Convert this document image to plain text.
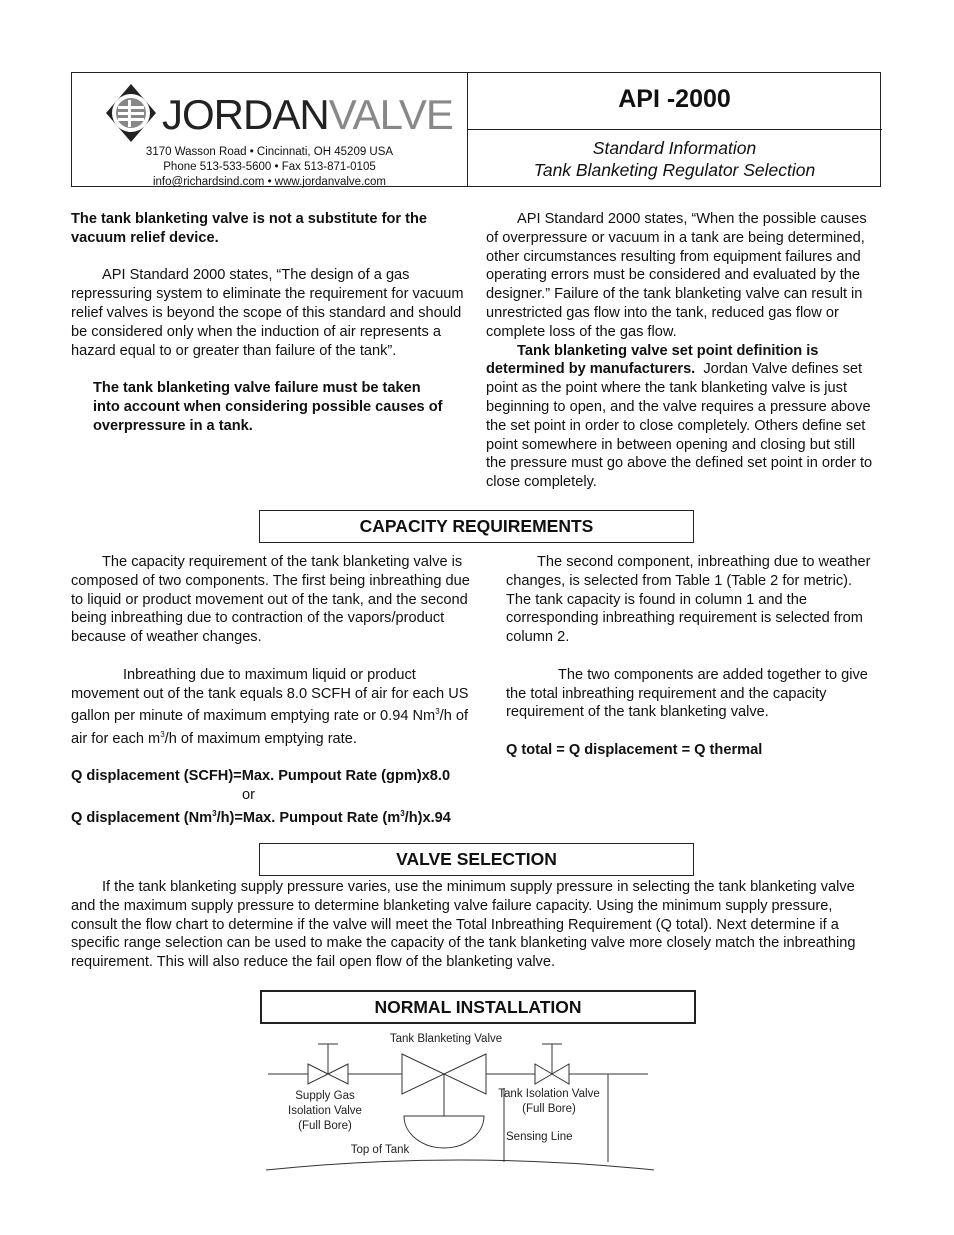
JORDANVALVE
3170 Wasson Road • Cincinnati, OH 45209 USA
Phone 513-533-5600 • Fax 513-871-0105
info@richardsind.com • www.jordanvalve.com
API -2000
Standard Information
Tank Blanketing Regulator Selection

The tank blanketing valve is not a substitute for the vacuum relief device.

API Standard 2000 states, “The design of a gas repressuring system to eliminate the requirement for vacuum relief valves is beyond the scope of this standard and should be considered only when the induction of air represents a hazard equal to or greater than failure of the tank”.

The tank blanketing valve failure must be taken into account when considering possible causes of overpressure in a tank.

API Standard 2000 states, “When the possible causes of overpressure or vacuum in a tank are being determined, other circumstances resulting from equipment failures and operating errors must be considered and evaluated by the designer.” Failure of the tank blanketing valve can result in unrestricted gas flow into the tank, reduced gas flow or complete loss of the gas flow.

Tank blanketing valve set point definition is determined by manufacturers. Jordan Valve defines set point as the point where the tank blanketing valve is just beginning to open, and the valve requires a pressure above the set point in order to close completely. Others define set point somewhere in between opening and closing but still the pressure must go above the defined set point in order to close completely.

CAPACITY REQUIREMENTS

The capacity requirement of the tank blanketing valve is composed of two components. The first being inbreathing due to liquid or product movement out of the tank, and the second being inbreathing due to contraction of the vapors/product because of weather changes.

Inbreathing due to maximum liquid or product movement out of the tank equals 8.0 SCFH of air for each US gallon per minute of maximum emptying rate or 0.94 Nm$^3$/h of air for each $m^3/h$ of maximum emptying rate.

Q displacement (SCFH)=Max. Pumpout Rate (gpm)x8.0

or

Q displacement $(Nm^3/h)=Max$. Pumpout Rate $(m^3/h)x.94$

The second component, inbreathing due to weather changes, is selected from Table 1 (Table 2 for metric). The tank capacity is found in column 1 and the corresponding inbreathing requirement is selected from column 2.

The two components are added together to give the total inbreathing requirement and the capacity requirement of the tank blanketing valve.

Q total = Q displacement = Q thermal

VALVE SELECTION

If the tank blanketing supply pressure varies, use the minimum supply pressure in selecting the tank blanketing valve and the maximum supply pressure to determine blanketing valve failure capacity. Using the minimum supply pressure, consult the flow chart to determine if the valve will meet the Total Inbreathing Requirement (Q total). Next determine if a specific range selection can be used to make the capacity of the tank blanketing valve more closely match the inbreathing requirement. This will also reduce the fail open flow of the blanketing valve.

NORMAL INSTALLATION
Tank Blanketing Valve
Supply Gas
Isolation Valve
(Full Bore)
Tank Isolation Valve
(Full Bore)
Sensing Line
Top of Tank
